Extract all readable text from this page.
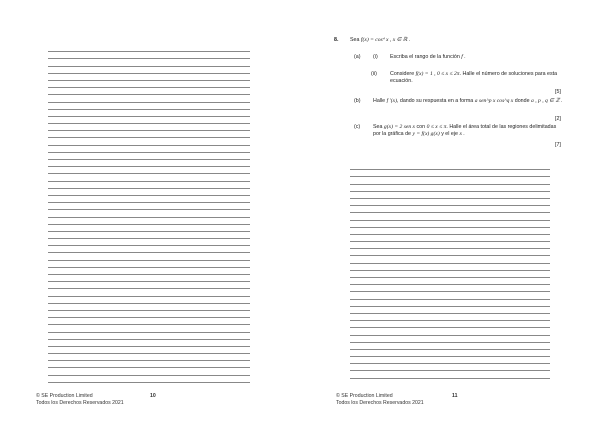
© SE Production Limited
Todos los Derechos Reservados 2021
10
8. Sea f(x) = cos⁴ x , x ∈ ℝ .
(a) (i) Escriba el rango de la función f .
(ii) Considere f(x) = 1 , 0 ≤ x ≤ 2π. Halle el número de soluciones para esta ecuación.
[5]
(b) Halle f ′(x), dando su respuesta en a forma a sen^p x cos^q x donde a , p , q ∈ ℤ .
[2]
(c) Sea g(x) = 2 sen x con 0 ≤ x ≤ π. Halle el área total de las regiones delimitadas por la gráfica de y = f(x) g(x) y el eje x .
[7]
© SE Production Limited
Todos los Derechos Reservados 2021
11
